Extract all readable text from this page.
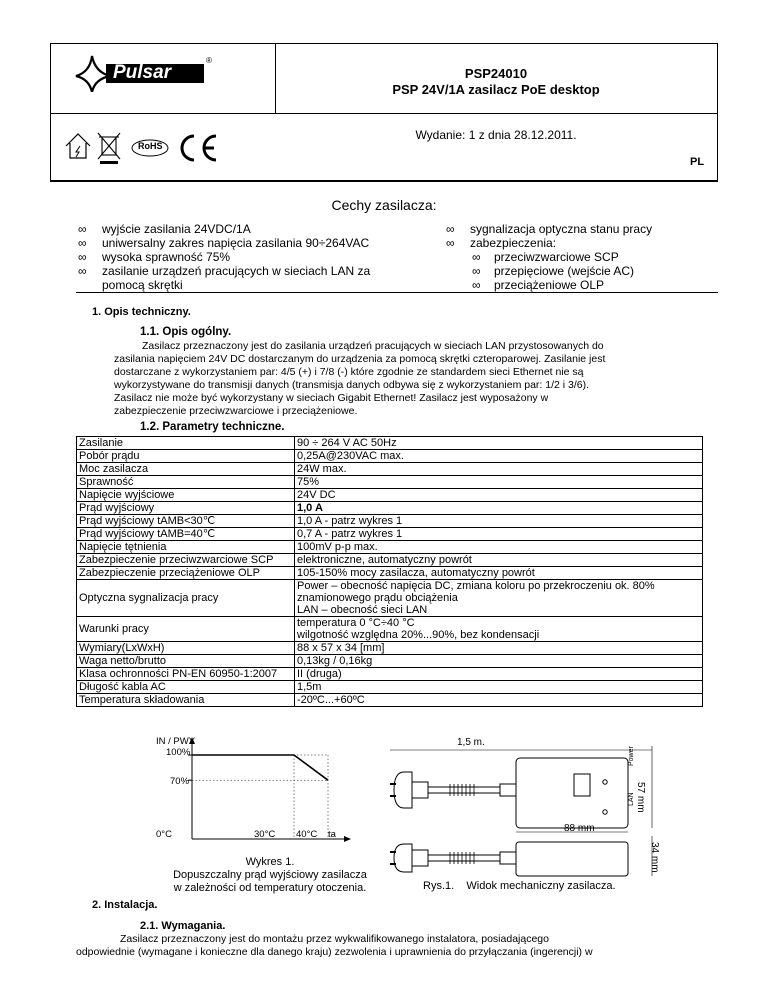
Pulsar
®
PSP24010
PSP 24V/1A zasilacz PoE desktop
Wydanie: 1 z dnia 28.12.2011.
PL
RoHS
Cechy zasilacza:
∞ wyjście zasilania 24VDC/1A
∞ uniwersalny zakres napięcia zasilania 90÷264VAC
∞ wysoka sprawność 75%
∞ zasilanie urządzeń pracujących w sieciach LAN za
pomocą skrętki
∞ sygnalizacja optyczna stanu pracy
∞ zabezpieczenia:
∞ przeciwzwarciowe SCP
∞ przepięciowe (wejście AC)
∞ przeciążeniowe OLP
1. Opis techniczny.
1.1. Opis ogólny.
Zasilacz przeznaczony jest do zasilania urządzeń pracujących w sieciach LAN przystosowanych do
zasilania napięciem 24V DC dostarczanym do urządzenia za pomocą skrętki czteroparowej. Zasilanie jest
dostarczane z wykorzystaniem par: 4/5 (+) i 7/8 (-) które zgodnie ze standardem sieci Ethernet nie są
wykorzystywane do transmisji danych (transmisja danych odbywa się z wykorzystaniem par: 1/2 i 3/6).
Zasilacz nie może być wykorzystany w sieciach Gigabit Ethernet! Zasilacz jest wyposażony w
zabezpieczenie przeciwzwarciowe i przeciążeniowe.
1.2. Parametry techniczne.
Zasilanie	90 ÷ 264 V AC 50Hz
Pobór prądu	0,25A@230VAC max.
Moc zasilacza	24W max.
Sprawność	75%
Napięcie wyjściowe	24V DC
Prąd wyjściowy	1,0 A
Prąd wyjściowy tAMB<30℃	1,0 A - patrz wykres 1
Prąd wyjściowy tAMB=40℃	0,7 A - patrz wykres 1
Napięcie tętnienia	100mV p-p max.
Zabezpieczenie przeciwzwarciowe SCP	elektroniczne, automatyczny powrót
Zabezpieczenie przeciążeniowe OLP	105-150% mocy zasilacza, automatyczny powrót
Optyczna sygnalizacja pracy	Power – obecność napięcia DC, zmiana koloru po przekroczeniu ok. 80%
znamionowego prądu obciążenia
LAN – obecność sieci LAN

Warunki pracy	temperatura 0 °C÷40 °C
wilgotność względna 20%...90%, bez kondensacji

Wymiary(LxWxH)	88 x 57 x 34 [mm]
Waga netto/brutto	0,13kg / 0,16kg
Klasa ochronności PN-EN 60950-1:2007	II (druga)
Długość kabla AC	1,5m
Temperatura składowania	-20ºC...+60ºC
IN / PWY
0°C	30°C 40°C ta
100%
70%
Wykres 1.
Dopuszczalny prąd wyjściowy zasilacza
w zależności od temperatury otoczenia.
1,5 m.
88 mm
57 mm
34 mm
Power
LAN
Rys.1.    Widok mechaniczny zasilacza.
2. Instalacja.
2.1. Wymagania.
Zasilacz przeznaczony jest do montażu przez wykwalifikowanego instalatora, posiadającego
odpowiednie (wymagane i konieczne dla danego kraju) zezwolenia i uprawnienia do przyłączania (ingerencji) w
